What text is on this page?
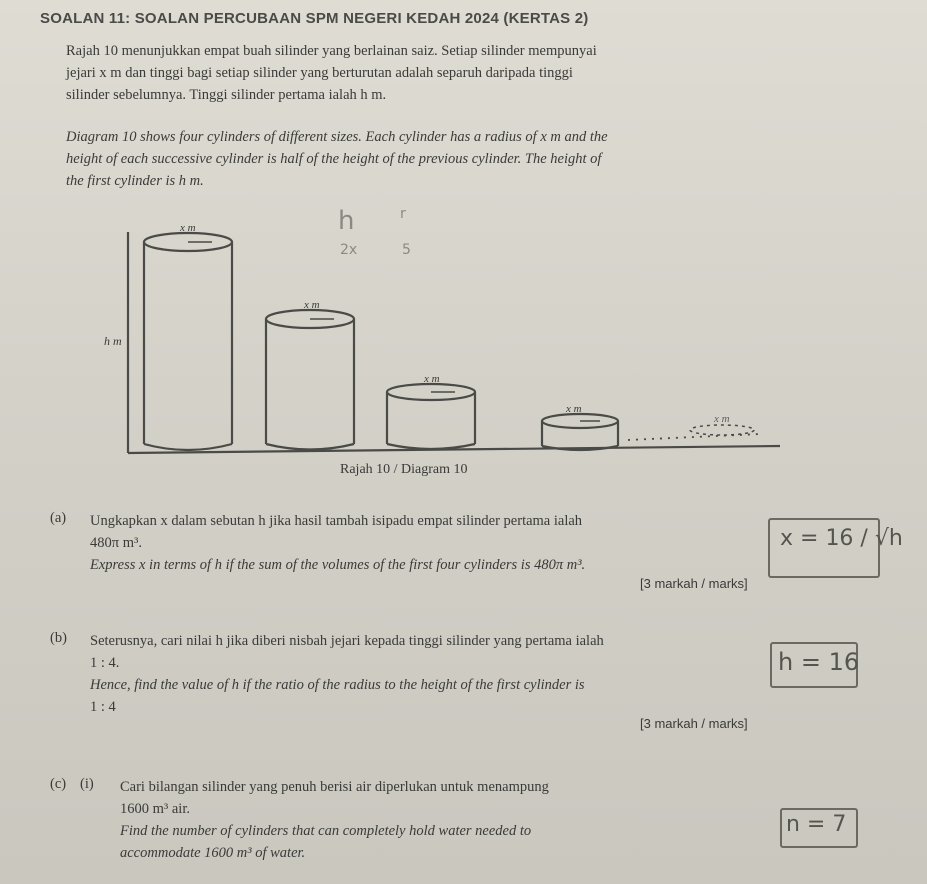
SOALAN 11: SOALAN PERCUBAAN SPM NEGERI KEDAH 2024 (KERTAS 2)
Rajah 10 menunjukkan empat buah silinder yang berlainan saiz. Setiap silinder mempunyai
jejari x m dan tinggi bagi setiap silinder yang berturutan adalah separuh daripada tinggi
silinder sebelumnya. Tinggi silinder pertama ialah h m.
Diagram 10 shows four cylinders of different sizes. Each cylinder has a radius of x m and the
height of each successive cylinder is half of the height of the previous cylinder. The height of
the first cylinder is h m.
x m
x m
x m
x m
x m
h m
h	r
2x	5
Rajah 10 / Diagram 10
(a) Ungkapkan x dalam sebutan h jika hasil tambah isipadu empat silinder pertama ialah
480π m³.
Express x in terms of h if the sum of the volumes of the first four cylinders is 480π m³.
[3 markah / marks]
x = 16 / √h
(b) Seterusnya, cari nilai h jika diberi nisbah jejari kepada tinggi silinder yang pertama ialah
1 : 4.
Hence, find the value of h if the ratio of the radius to the height of the first cylinder is
1 : 4
[3 markah / marks]
h = 16
(c) (i) Cari bilangan silinder yang penuh berisi air diperlukan untuk menampung
1600 m³ air.
Find the number of cylinders that can completely hold water needed to
accommodate 1600 m³ of water.
n = 7
